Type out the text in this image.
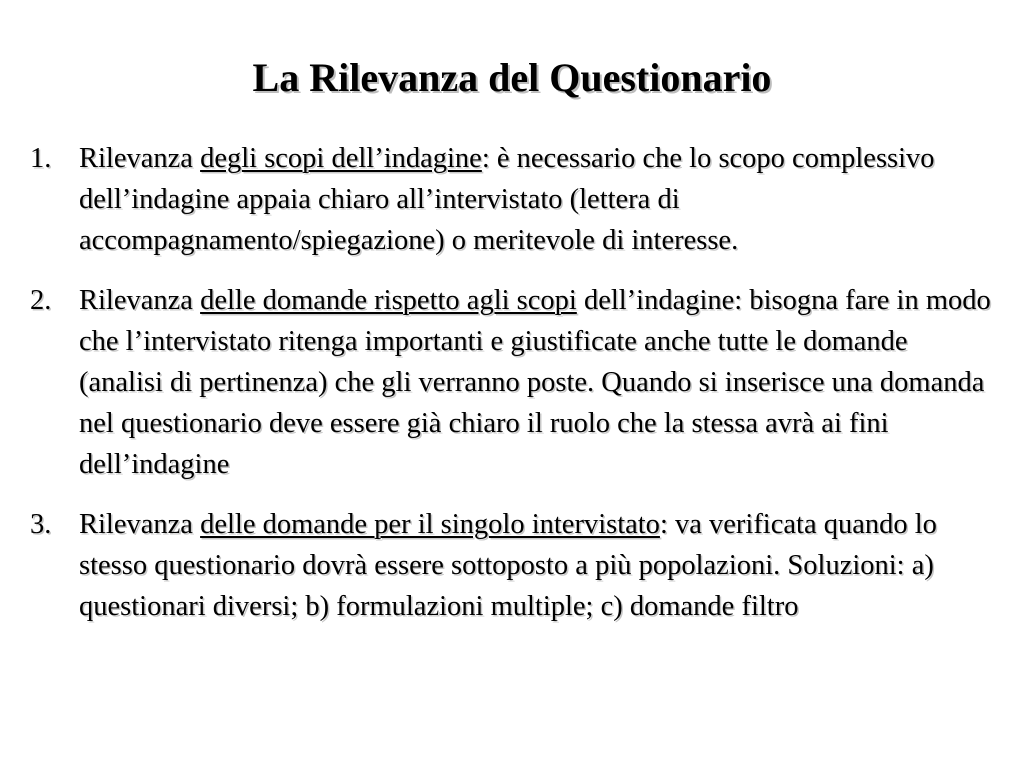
La Rilevanza del Questionario
1. Rilevanza degli scopi dell’indagine: è necessario che lo scopo complessivo dell’indagine appaia chiaro all’intervistato (lettera di accompagnamento/spiegazione) o meritevole di interesse.
2. Rilevanza delle domande rispetto agli scopi dell’indagine: bisogna fare in modo che l’intervistato ritenga importanti e giustificate anche tutte le domande (analisi di pertinenza) che gli verranno poste. Quando si inserisce una domanda nel questionario deve essere già chiaro il ruolo che la stessa avrà ai fini dell’indagine
3. Rilevanza delle domande per il singolo intervistato: va verificata quando lo stesso questionario dovrà essere sottoposto a più popolazioni. Soluzioni: a) questionari diversi; b) formulazioni multiple; c) domande filtro
